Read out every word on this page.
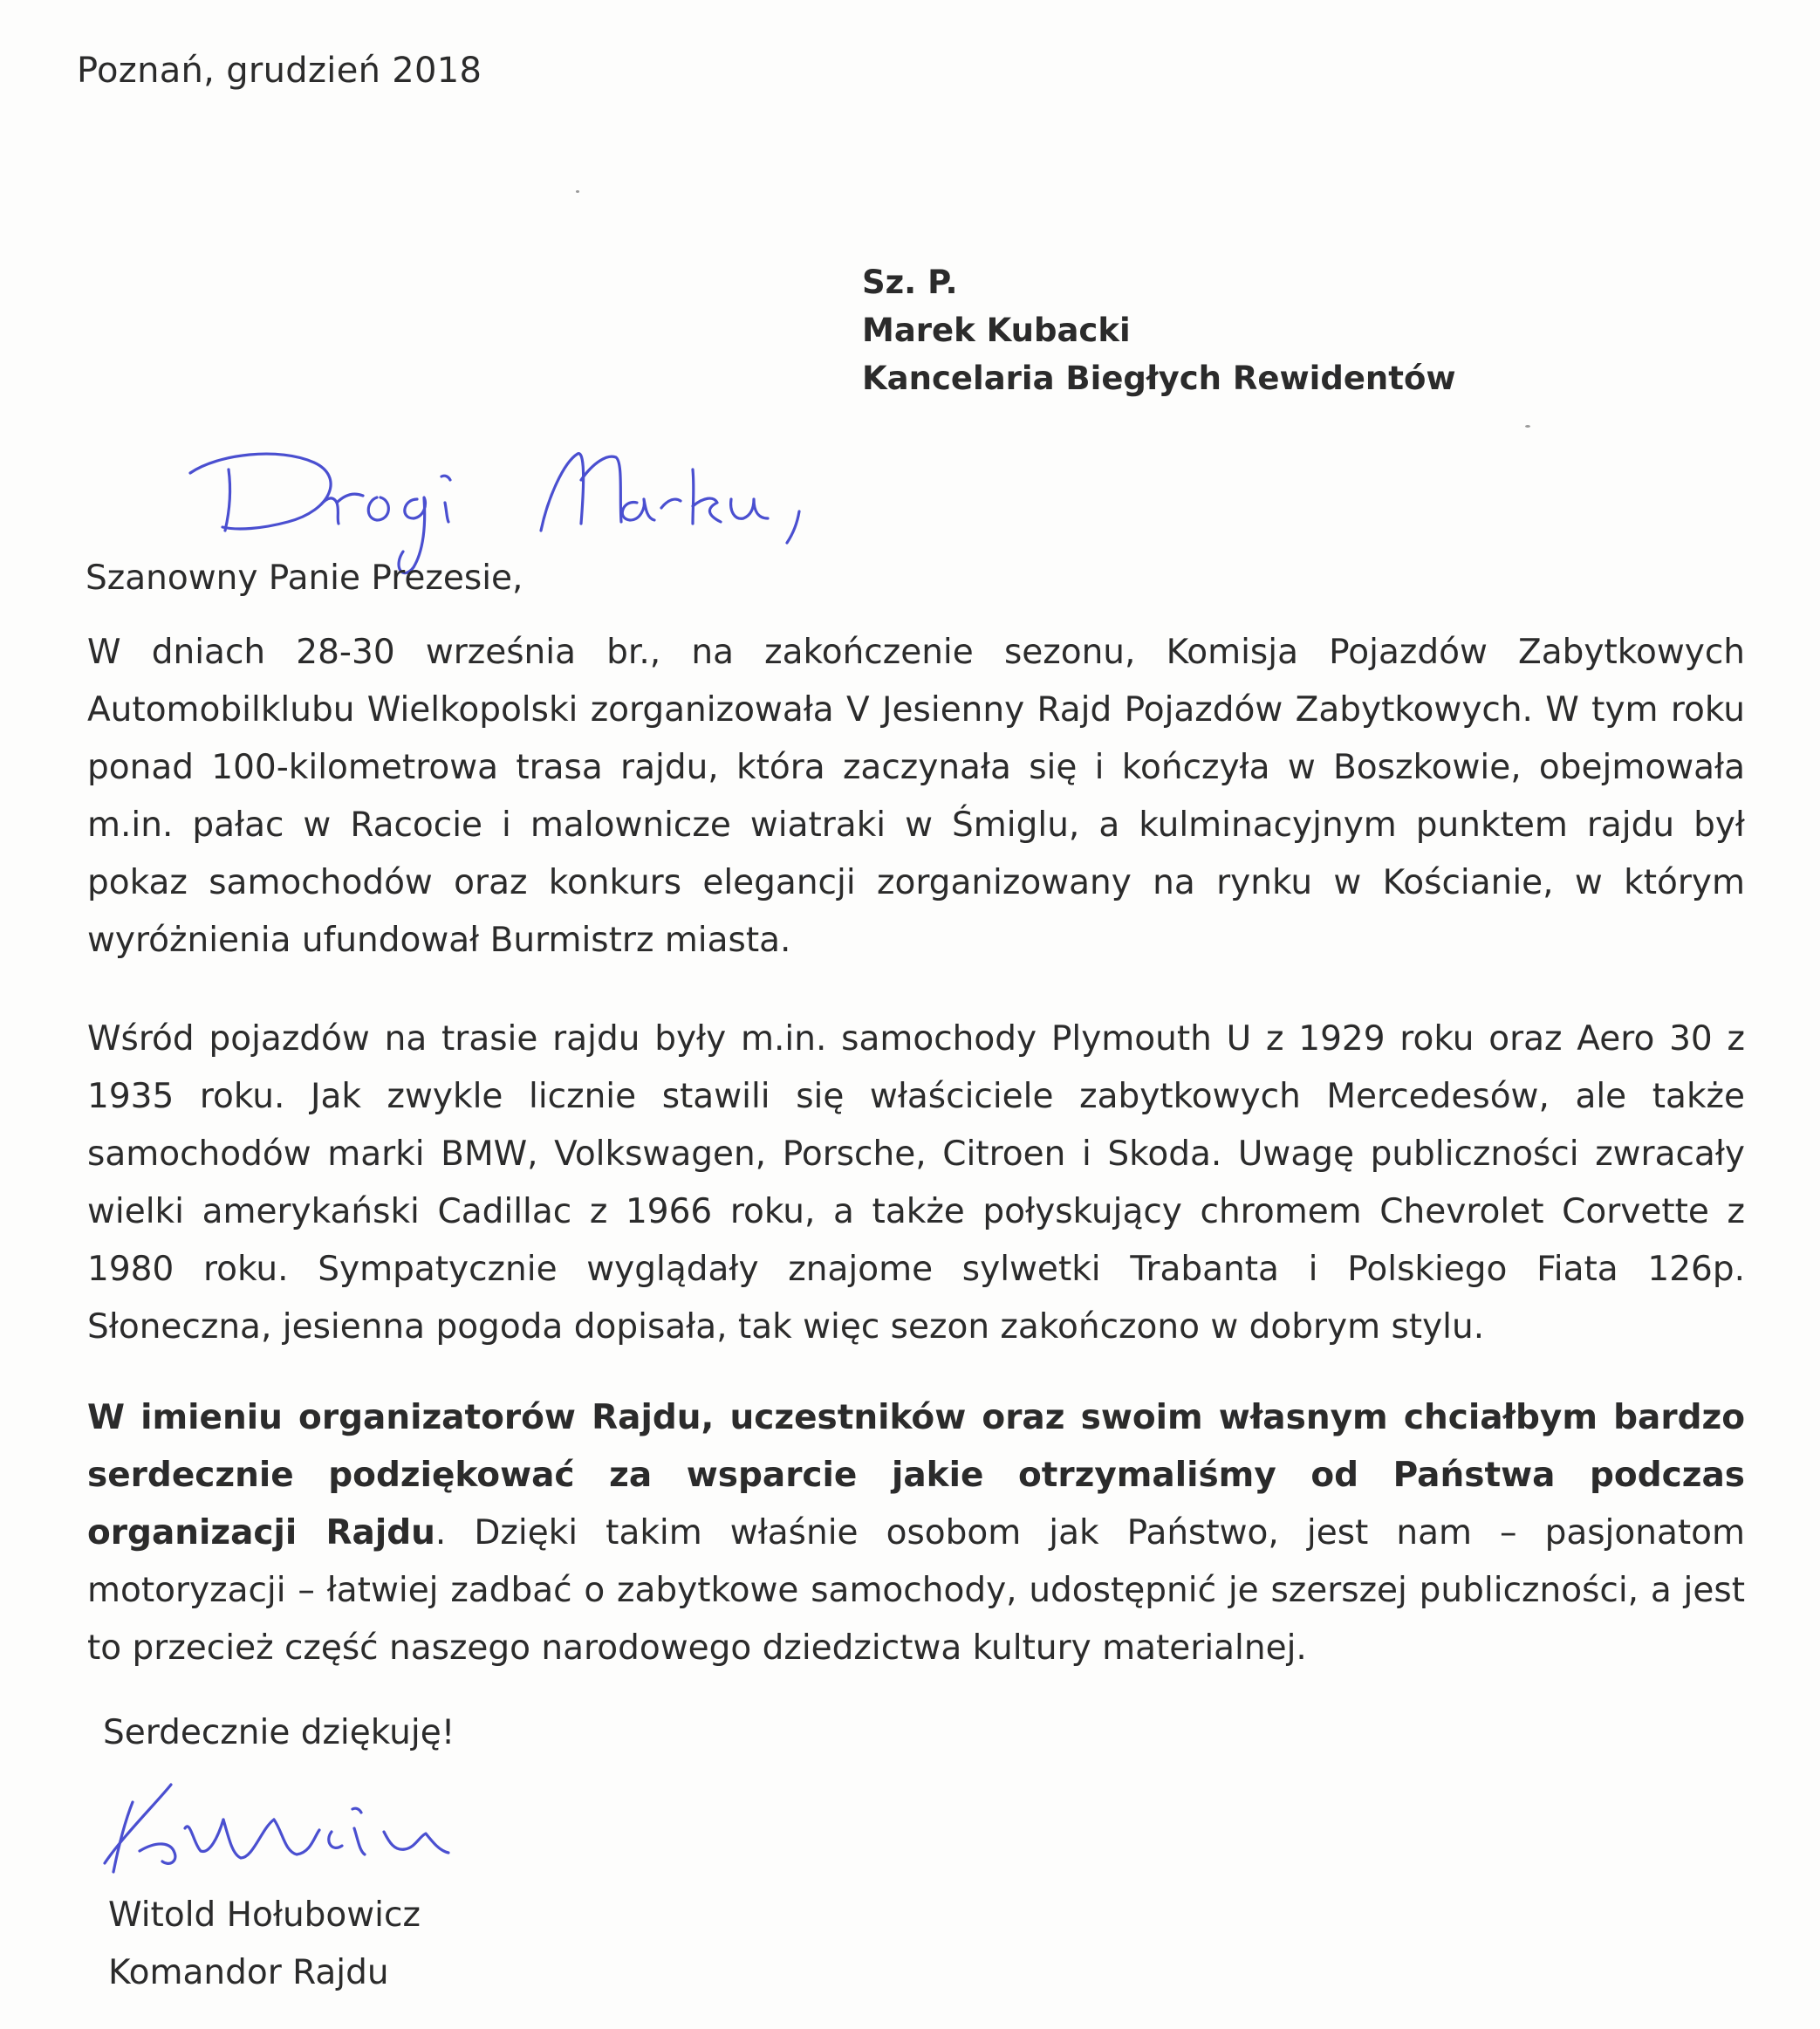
Poznań, grudzień 2018
Sz. P.
Marek Kubacki
Kancelaria Biegłych Rewidentów
Szanowny Panie Prezesie,
W dniach 28-30 września br., na zakończenie sezonu, Komisja Pojazdów Zabytkowych Automobilklubu Wielkopolski zorganizowała V Jesienny Rajd Pojazdów Zabytkowych. W tym roku ponad 100-kilometrowa trasa rajdu, która zaczynała się i kończyła w Boszkowie, obejmowała m.in. pałac w Racocie i malownicze wiatraki w Śmiglu, a kulminacyjnym punktem rajdu był pokaz samochodów oraz konkurs elegancji zorganizowany na rynku w Kościanie, w którym wyróżnienia ufundował Burmistrz miasta.
Wśród pojazdów na trasie rajdu były m.in. samochody Plymouth U z 1929 roku oraz Aero 30 z 1935 roku. Jak zwykle licznie stawili się właściciele zabytkowych Mercedesów, ale także samochodów marki BMW, Volkswagen, Porsche, Citroen i Skoda. Uwagę publiczności zwracały wielki amerykański Cadillac z 1966 roku, a także połyskujący chromem Chevrolet Corvette z 1980 roku. Sympatycznie wyglądały znajome sylwetki Trabanta i Polskiego Fiata 126p. Słoneczna, jesienna pogoda dopisała, tak więc sezon zakończono w dobrym stylu.
W imieniu organizatorów Rajdu, uczestników oraz swoim własnym chciałbym bardzo serdecznie podziękować za wsparcie jakie otrzymaliśmy od Państwa podczas organizacji Rajdu. Dzięki takim właśnie osobom jak Państwo, jest nam – pasjonatom motoryzacji – łatwiej zadbać o zabytkowe samochody, udostępnić je szerszej publiczności, a jest to przecież część naszego narodowego dziedzictwa kultury materialnej.
Serdecznie dziękuję!
Witold Hołubowicz
Komandor Rajdu
